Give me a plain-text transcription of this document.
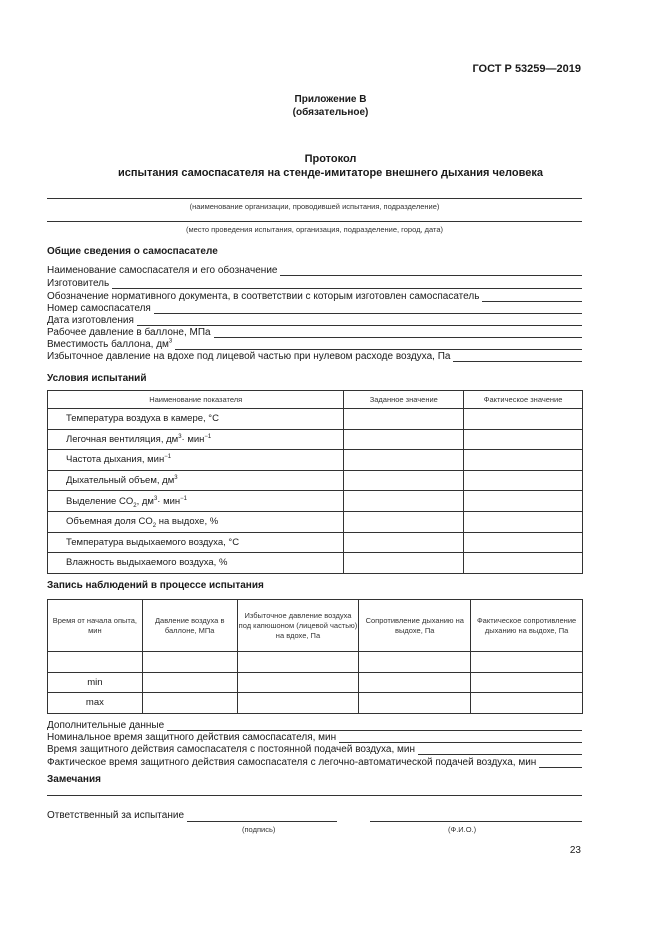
ГОСТ Р 53259—2019
Приложение В
(обязательное)
Протокол
испытания самоспасателя на стенде-имитаторе внешнего дыхания человека
(наименование организации, проводившей испытания, подразделение)
(место проведения испытания, организация, подразделение, город, дата)
Общие сведения о самоспасателе
Наименование самоспасателя и его обозначение
Изготовитель
Обозначение нормативного документа, в соответствии с которым изготовлен самоспасатель
Номер самоспасателя
Дата изготовления
Рабочее давление в баллоне, МПа
Вместимость баллона, $дм^3$
Избыточное давление на вдохе под лицевой частью при нулевом расходе воздуха, Па
Условия испытаний
Наименование показателя	Заданное значение	Фактическое значение
Температура воздуха в камере, °С		
Легочная вентиляция, $дм^3\cdot мин^{-1}$		
Частота дыхания, мин$^{-1}$		
Дыхательный объем, $дм^3$		
Выделение $CO_2$, $дм^3\cdot мин^{-1}$		
Объемная доля $CO_2$ на выдохе, %		
Температура выдыхаемого воздуха, °С		
Влажность выдыхаемого воздуха, %		
Запись наблюдений в процессе испытания
Время от начала опыта, мин	Давление воздуха в баллоне, МПа	Избыточное давление воздуха под капюшоном (лицевой частью) на вдохе, Па	Сопротивление дыханию на выдохе, Па	Фактическое сопротивление дыханию на выдохе, Па

min				
max				
Дополнительные данные
Номинальное время защитного действия самоспасателя, мин
Время защитного действия самоспасателя с постоянной подачей воздуха, мин
Фактическое время защитного действия самоспасателя с легочно-автоматической подачей воздуха, мин
Замечания
Ответственный за испытание
(подпись)	(Ф.И.О.)
23
